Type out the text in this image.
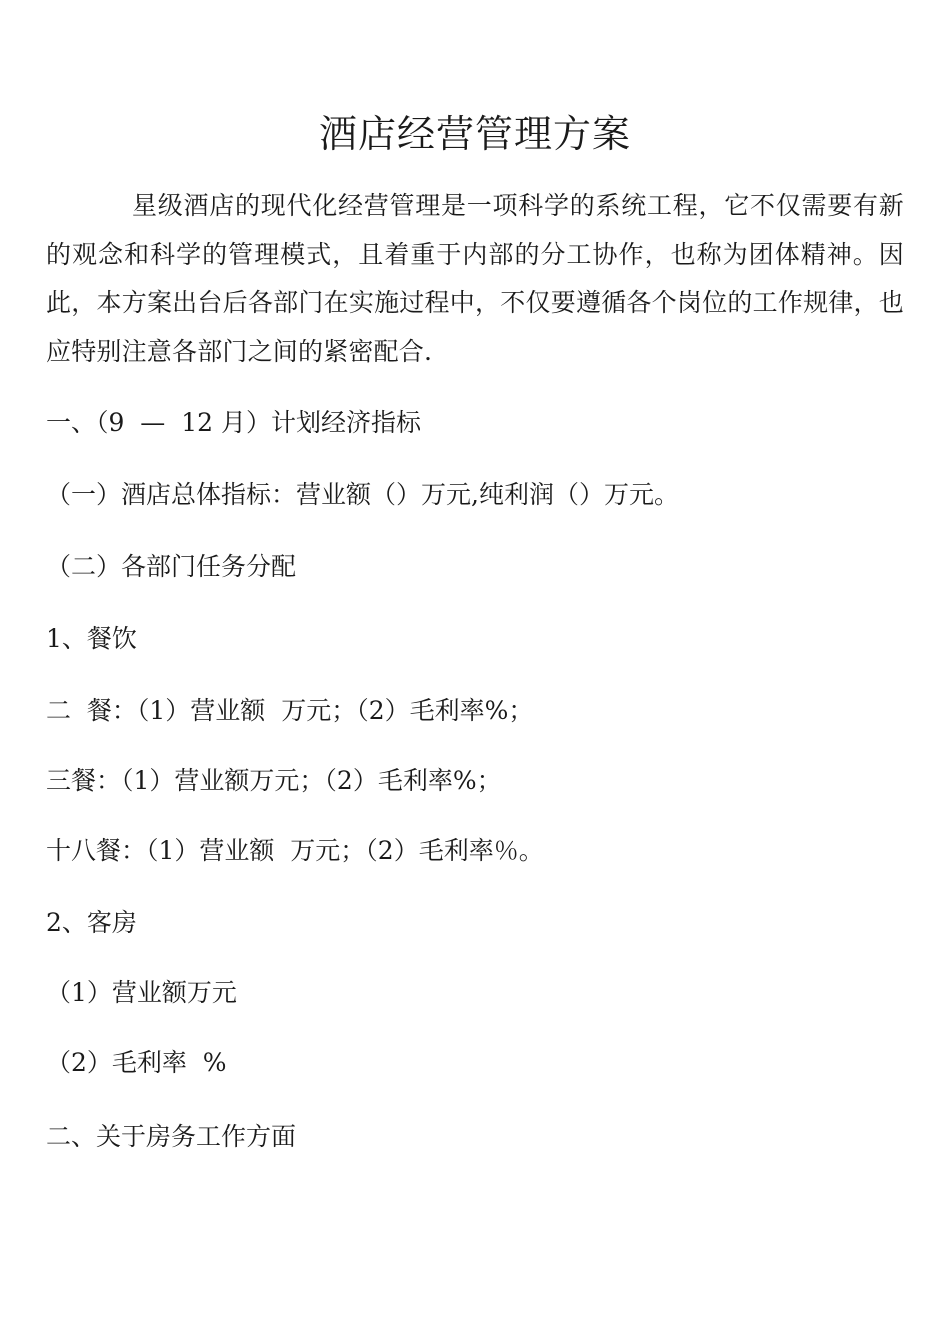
酒店经营管理方案
星级酒店的现代化经营管理是一项科学的系统工程，它不仅需要有新的观念和科学的管理模式，且着重于内部的分工协作，也称为团体精神。因此，本方案出台后各部门在实施过程中，不仅要遵循各个岗位的工作规律，也应特别注意各部门之间的紧密配合.
一、（9  —  12 月）计划经济指标
（一）酒店总体指标：营业额（）万元,纯利润（）万元。
（二）各部门任务分配
1、餐饮
二  餐：（1）营业额  万元；（2）毛利率%；
三餐：（1）营业额万元；（2）毛利率%；
十八餐：（1）营业额  万元；（2）毛利率％。
2、客房
（1）营业额万元
（2）毛利率  %
二、关于房务工作方面
